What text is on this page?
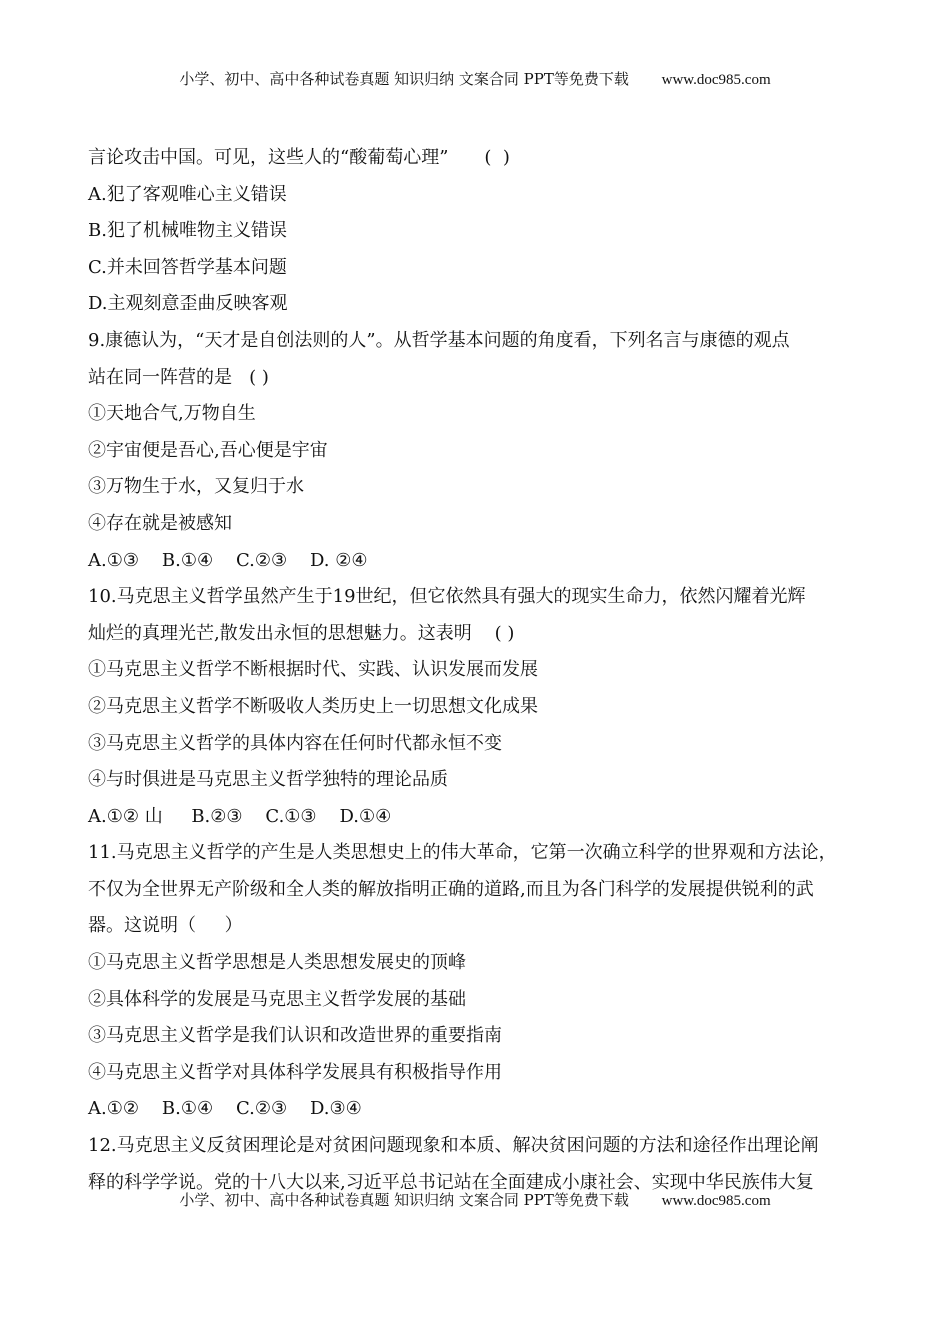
小学、初中、高中各种试卷真题 知识归纳 文案合同 PPT等免费下载 www.doc985.com
言论攻击中国。可见，这些人的“酸葡萄心理”　　(  )
A.犯了客观唯心主义错误
B.犯了机械唯物主义错误
C.并未回答哲学基本问题
D.主观刻意歪曲反映客观
9.康德认为，“天才是自创法则的人”。从哲学基本问题的角度看，下列名言与康德的观点
站在同一阵营的是   ( )
①天地合气,万物自生
②宇宙便是吾心,吾心便是宇宙
③万物生于水，又复归于水
④存在就是被感知
A.①③    B.①④    C.②③    D. ②④
10.马克思主义哲学虽然产生于19世纪，但它依然具有强大的现实生命力，依然闪耀着光辉
灿烂的真理光芒,散发出永恒的思想魅力。这表明    ( )
①马克思主义哲学不断根据时代、实践、认识发展而发展
②马克思主义哲学不断吸收人类历史上一切思想文化成果
③马克思主义哲学的具体内容在任何时代都永恒不变
④与时俱进是马克思主义哲学独特的理论品质
A.①② 山     B.②③    C.①③    D.①④
11.马克思主义哲学的产生是人类思想史上的伟大革命，它第一次确立科学的世界观和方法论，
不仅为全世界无产阶级和全人类的解放指明正确的道路,而且为各门科学的发展提供锐利的武
器。这说明（     ）
①马克思主义哲学思想是人类思想发展史的顶峰
②具体科学的发展是马克思主义哲学发展的基础
③马克思主义哲学是我们认识和改造世界的重要指南
④马克思主义哲学对具体科学发展具有积极指导作用
A.①②    B.①④    C.②③    D.③④
12.马克思主义反贫困理论是对贫困问题现象和本质、解决贫困问题的方法和途径作出理论阐
释的科学学说。党的十八大以来,习近平总书记站在全面建成小康社会、实现中华民族伟大复
小学、初中、高中各种试卷真题 知识归纳 文案合同 PPT等免费下载 www.doc985.com
